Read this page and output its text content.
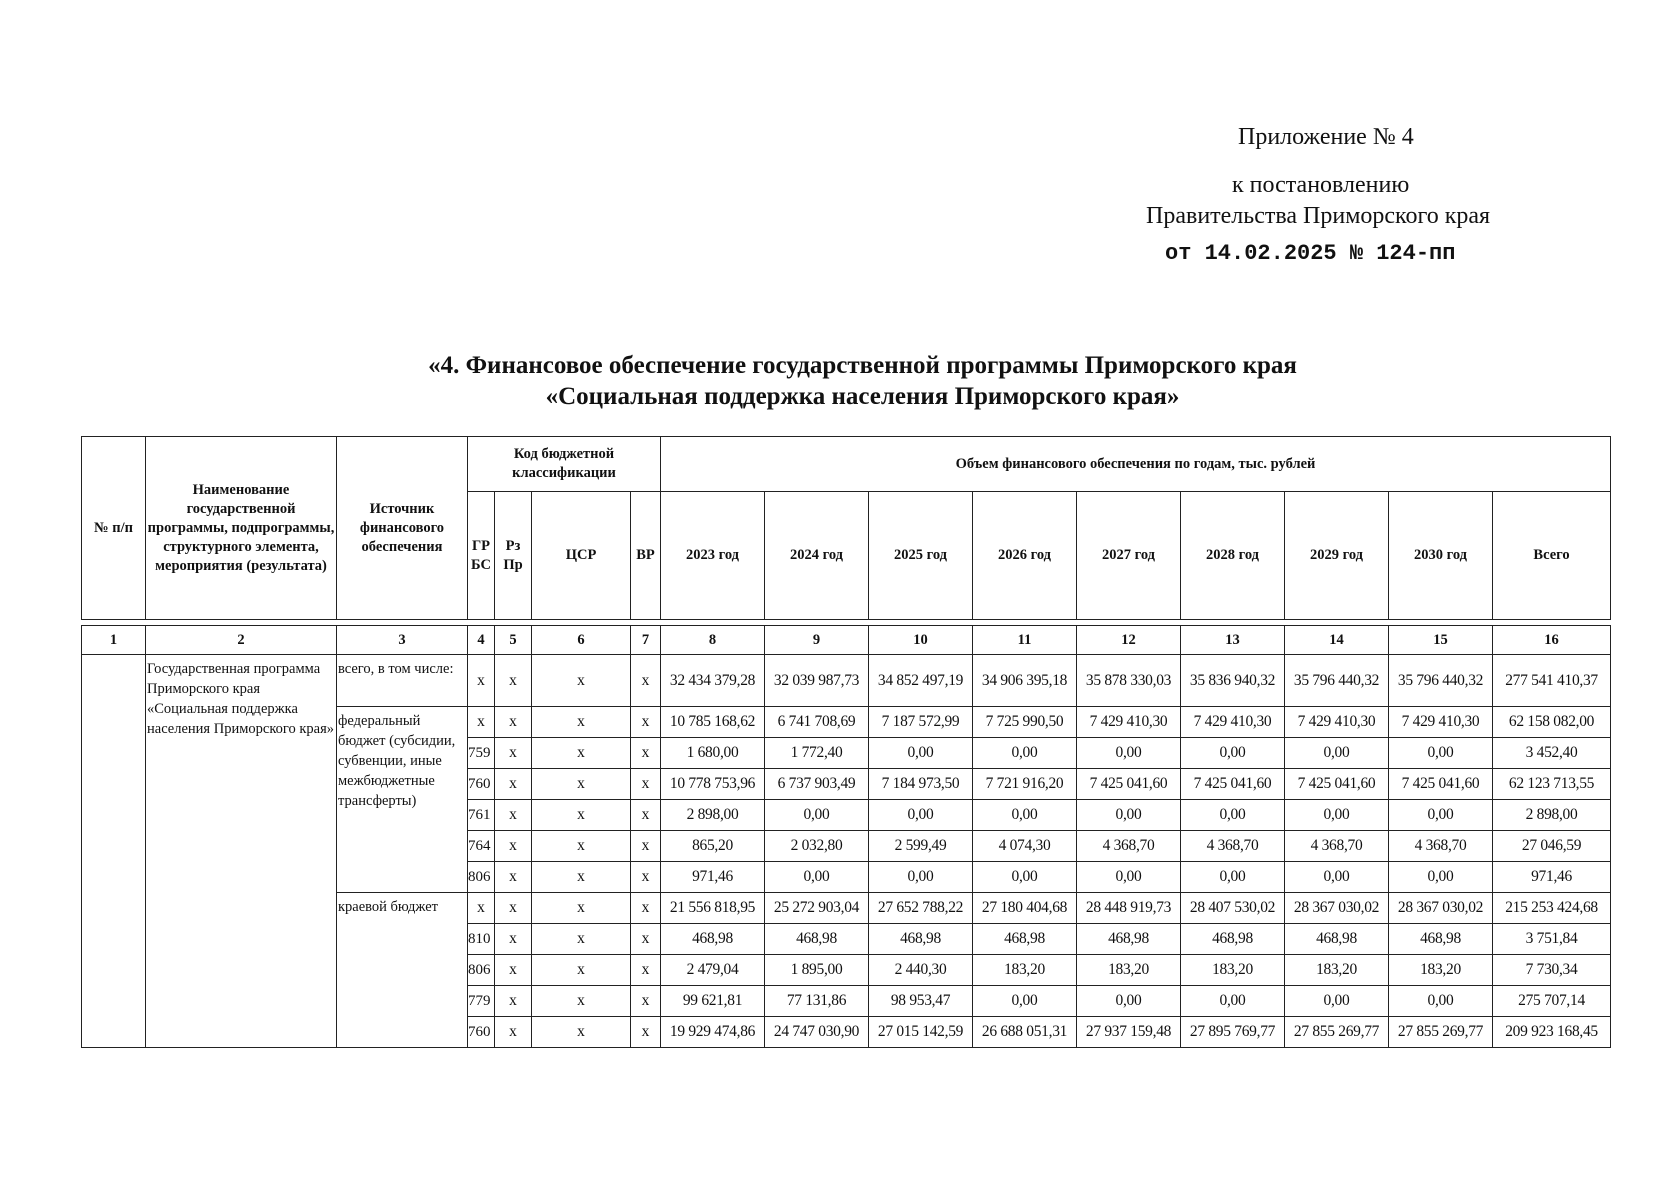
Приложение № 4
к постановлению
Правительства Приморского края
от 14.02.2025 № 124-пп
«4. Финансовое обеспечение государственной программы Приморского края
«Социальная поддержка населения Приморского края»
№ п/п	Наименование государственной программы, подпрограммы, структурного элемента, мероприятия (результата)	Источник финансового обеспечения	Код бюджетной классификации				Объем финансового обеспечения по годам, тыс. рублей								
			ГР БС	Рз Пр	ЦСР	ВР	2023 год	2024 год	2025 год	2026 год	2027 год	2028 год	2029 год	2030 год	Всего

1	2	3	4	5	6	7	8	9	10	11	12	13	14	15	16
	Государственная программа Приморского края «Социальная поддержка населения Приморского края»	всего, в том числе:	x	x	x	x	32 434 379,28	32 039 987,73	34 852 497,19	34 906 395,18	35 878 330,03	35 836 940,32	35 796 440,32	35 796 440,32	277 541 410,37
		федеральный бюджет (субсидии, субвенции, иные межбюджетные трансферты)	x	x	x	x	10 785 168,62	6 741 708,69	7 187 572,99	7 725 990,50	7 429 410,30	7 429 410,30	7 429 410,30	7 429 410,30	62 158 082,00
			759	x	x	x	1 680,00	1 772,40	0,00	0,00	0,00	0,00	0,00	0,00	3 452,40
			760	x	x	x	10 778 753,96	6 737 903,49	7 184 973,50	7 721 916,20	7 425 041,60	7 425 041,60	7 425 041,60	7 425 041,60	62 123 713,55
			761	x	x	x	2 898,00	0,00	0,00	0,00	0,00	0,00	0,00	0,00	2 898,00
			764	x	x	x	865,20	2 032,80	2 599,49	4 074,30	4 368,70	4 368,70	4 368,70	4 368,70	27 046,59
			806	x	x	x	971,46	0,00	0,00	0,00	0,00	0,00	0,00	0,00	971,46
		краевой бюджет	x	x	x	x	21 556 818,95	25 272 903,04	27 652 788,22	27 180 404,68	28 448 919,73	28 407 530,02	28 367 030,02	28 367 030,02	215 253 424,68
			810	x	x	x	468,98	468,98	468,98	468,98	468,98	468,98	468,98	468,98	3 751,84
			806	x	x	x	2 479,04	1 895,00	2 440,30	183,20	183,20	183,20	183,20	183,20	7 730,34
			779	x	x	x	99 621,81	77 131,86	98 953,47	0,00	0,00	0,00	0,00	0,00	275 707,14
			760	x	x	x	19 929 474,86	24 747 030,90	27 015 142,59	26 688 051,31	27 937 159,48	27 895 769,77	27 855 269,77	27 855 269,77	209 923 168,45
